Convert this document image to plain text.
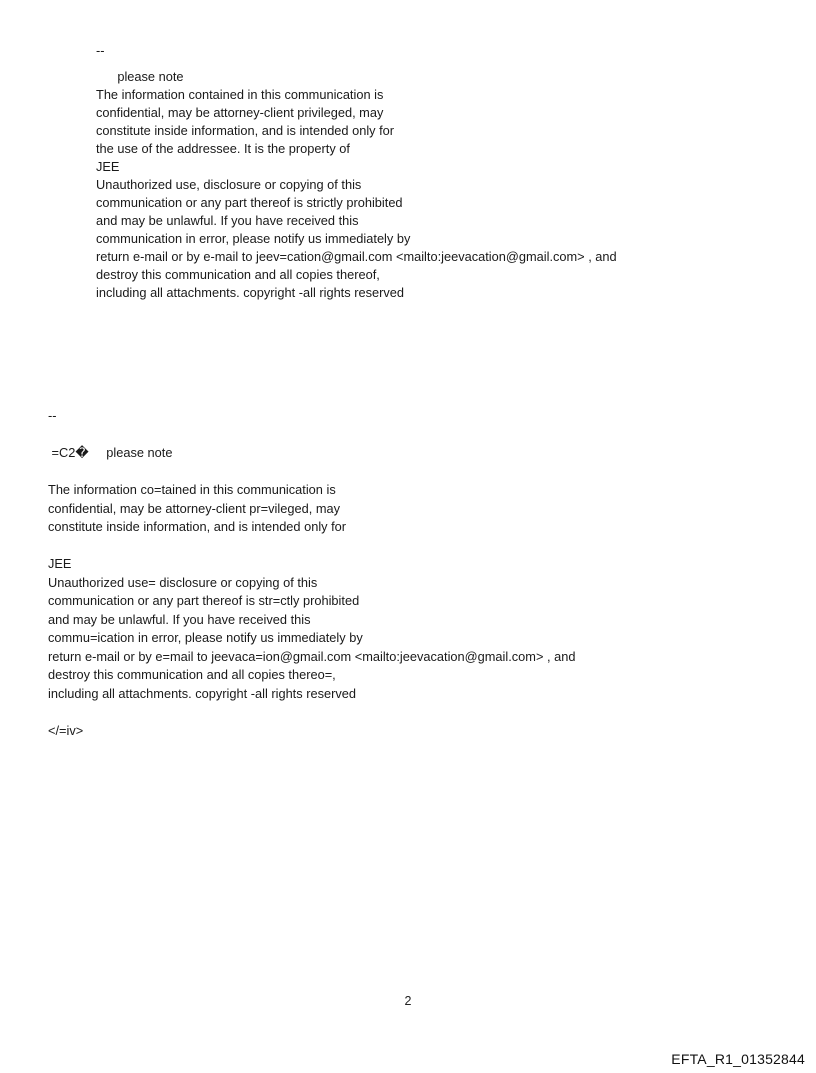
--
please note
The information contained in this communication is
confidential, may be attorney-client privileged, may
constitute inside information, and is intended only for
the use of the addressee. It is the property of
JEE
Unauthorized use, disclosure or copying of this
communication or any part thereof is strictly prohibited
and may be unlawful. If you have received this
communication in error, please notify us immediately by
return e-mail or by e-mail to jeev=cation@gmail.com <mailto:jeevacation@gmail.com> , and
destroy this communication and all copies thereof,
including all attachments. copyright -all rights reserved
--
=C2�     please note
The information co=tained in this communication is
confidential, may be attorney-client pr=vileged, may
constitute inside information, and is intended only for
JEE
Unauthorized use= disclosure or copying of this
communication or any part thereof is str=ctly prohibited
and may be unlawful. If you have received this
commu=ication in error, please notify us immediately by
return e-mail or by e=mail to jeevaca=ion@gmail.com <mailto:jeevacation@gmail.com> , and
destroy this communication and all copies thereo=,
including all attachments. copyright -all rights reserved
</=iv>
2
EFTA_R1_01352844
